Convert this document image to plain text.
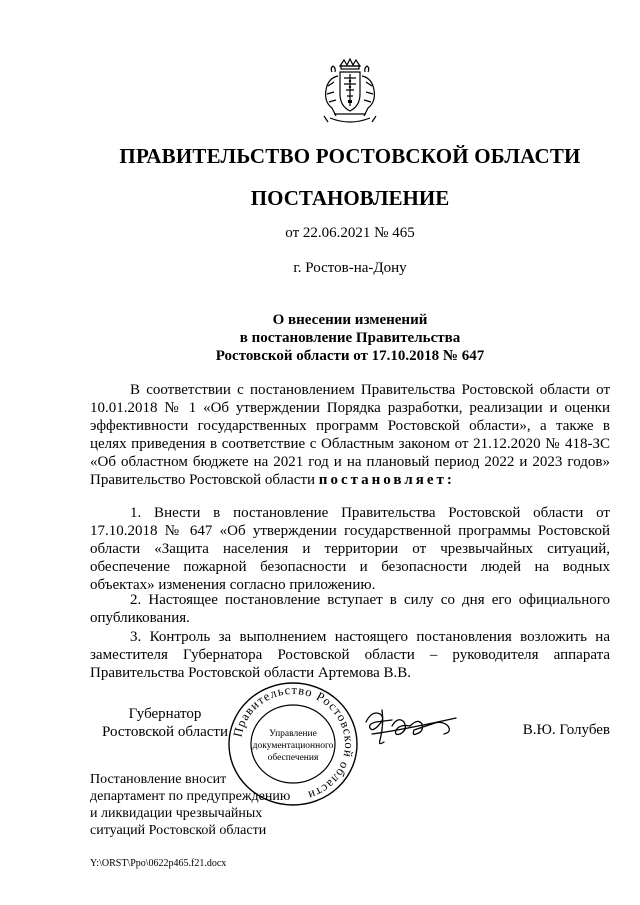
ПРАВИТЕЛЬСТВО РОСТОВСКОЙ ОБЛАСТИ
ПОСТАНОВЛЕНИЕ
от 22.06.2021 № 465
г. Ростов-на-Дону
О внесении изменений
в постановление Правительства
Ростовской области от 17.10.2018 № 647
В соответствии с постановлением Правительства Ростовской области от 10.01.2018 № 1 «Об утверждении Порядка разработки, реализации и оценки эффективности государственных программ Ростовской области», а также в целях приведения в соответствие с Областным законом от 21.12.2020 № 418-ЗС «Об областном бюджете на 2021 год и на плановый период 2022 и 2023 годов» Правительство Ростовской области постановляет:
1. Внести в постановление Правительства Ростовской области от 17.10.2018 № 647 «Об утверждении государственной программы Ростовской области «Защита населения и территории от чрезвычайных ситуаций, обеспечение пожарной безопасности и безопасности людей на водных объектах» изменения согласно приложению.
2. Настоящее постановление вступает в силу со дня его официального опубликования.
3. Контроль за выполнением настоящего постановления возложить на заместителя Губернатора Ростовской области – руководителя аппарата Правительства Ростовской области Артемова В.В.
Губернатор
Ростовской области Правительство Ростовской области
Управление
документационного
обеспечения
В.Ю. Голубев
Постановление вносит
департамент по предупреждению
и ликвидации чрезвычайных
ситуаций Ростовской области
Y:\ORST\Ppo\0622p465.f21.docx
